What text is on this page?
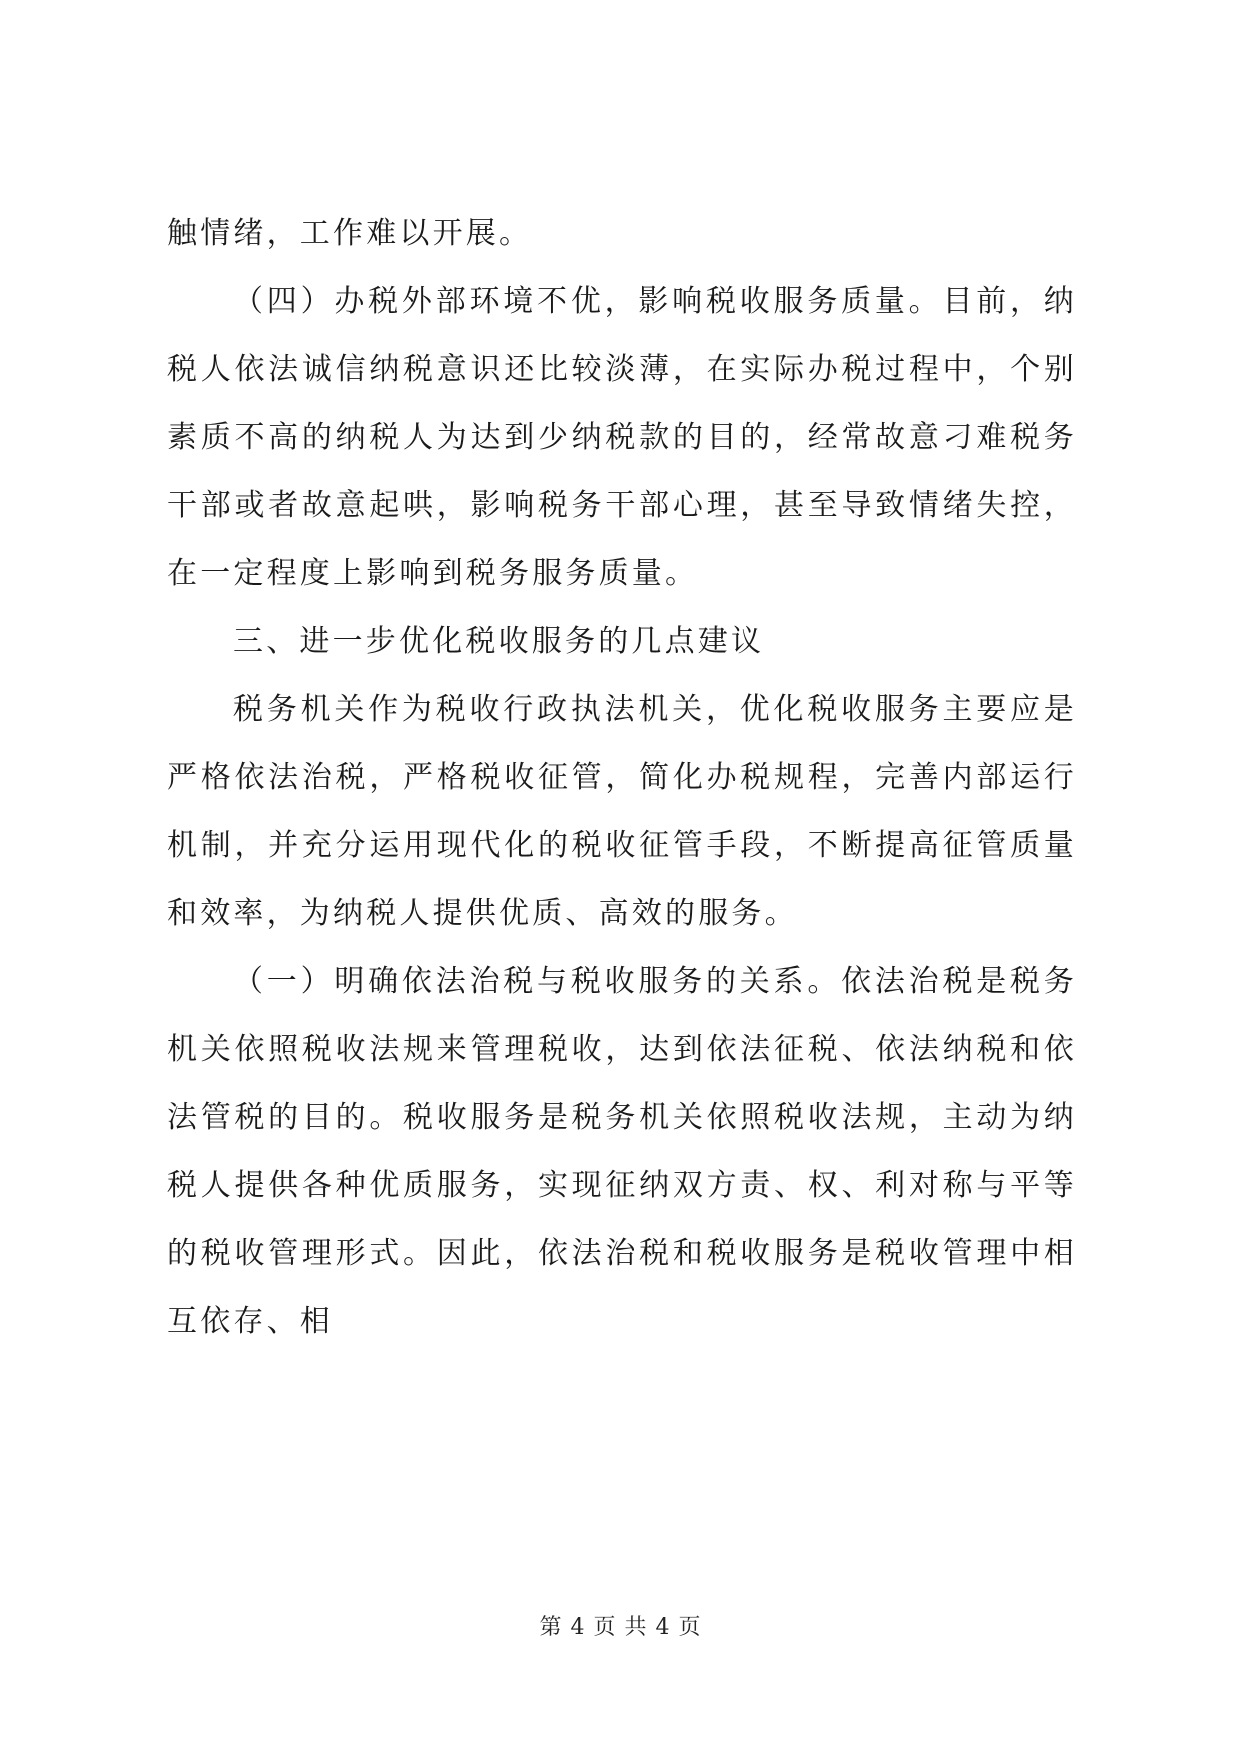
触情绪，工作难以开展。

（四）办税外部环境不优，影响税收服务质量。目前，纳税人依法诚信纳税意识还比较淡薄，在实际办税过程中，个别素质不高的纳税人为达到少纳税款的目的，经常故意刁难税务干部或者故意起哄，影响税务干部心理，甚至导致情绪失控，在一定程度上影响到税务服务质量。

三、进一步优化税收服务的几点建议

税务机关作为税收行政执法机关，优化税收服务主要应是严格依法治税，严格税收征管，简化办税规程，完善内部运行机制，并充分运用现代化的税收征管手段，不断提高征管质量和效率，为纳税人提供优质、高效的服务。

（一）明确依法治税与税收服务的关系。依法治税是税务机关依照税收法规来管理税收，达到依法征税、依法纳税和依法管税的目的。税收服务是税务机关依照税收法规，主动为纳税人提供各种优质服务，实现征纳双方责、权、利对称与平等的税收管理形式。因此，依法治税和税收服务是税收管理中相互依存、相

第 4 页 共 4 页
